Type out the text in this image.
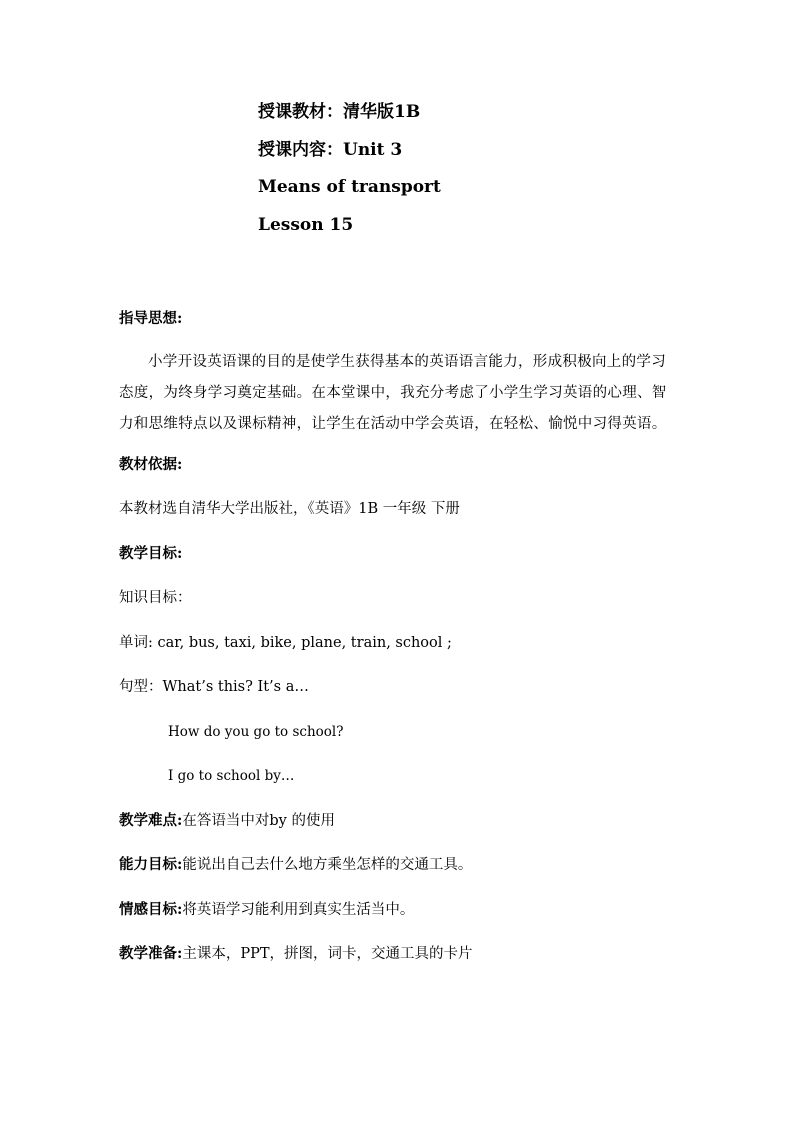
授课教材：清华版1B
授课内容：Unit 3
Means of transport
Lesson 15
指导思想:
小学开设英语课的目的是使学生获得基本的英语语言能力，形成积极向上的学习态度，为终身学习奠定基础。在本堂课中，我充分考虑了小学生学习英语的心理、智 力和思维特点以及课标精神，让学生在活动中学会英语，在轻松、愉悦中习得英语。
教材依据:
本教材选自清华大学出版社，《英语》1B 一年级 下册
教学目标:
知识目标：
单词: car, bus, taxi, bike, plane, train, school ;
句型：What’s this? It’s a…
How do you go to school?
I go to school by…
教学难点:在答语当中对by 的使用
能力目标:能说出自己去什么地方乘坐怎样的交通工具。
情感目标:将英语学习能利用到真实生活当中。
教学准备:主课本，PPT，拼图，词卡，交通工具的卡片
